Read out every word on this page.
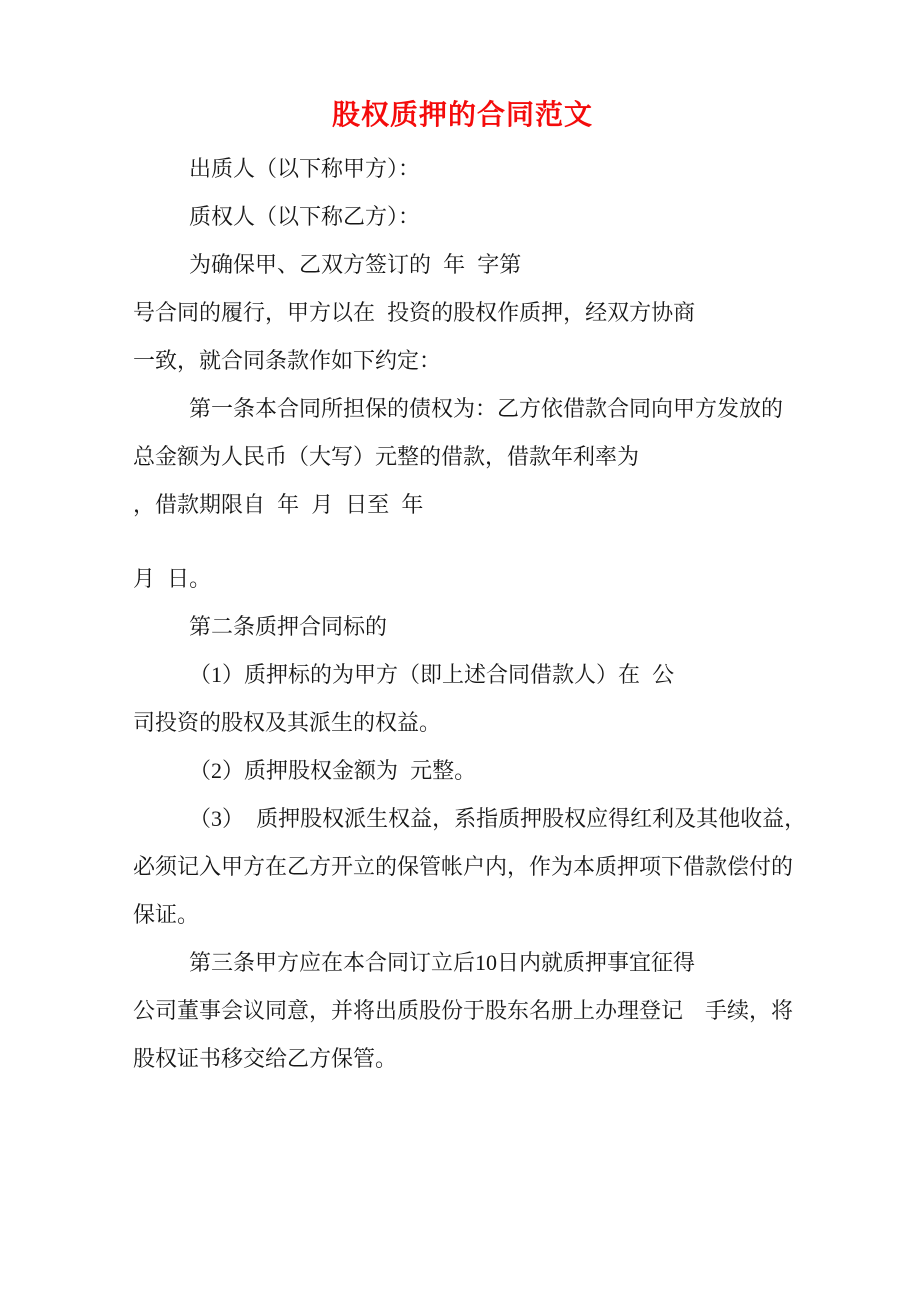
股权质押的合同范文
出质人（以下称甲方）：
质权人（以下称乙方）：
为确保甲、乙双方签订的 年 字第
号合同的履行，甲方以在 投资的股权作质押，经双方协商
一致，就合同条款作如下约定：
第一条本合同所担保的债权为：乙方依借款合同向甲方发放的
总金额为人民币（大写）元整的借款，借款年利率为
，借款期限自 年 月 日至 年
月 日。
第二条质押合同标的
（1）质押标的为甲方（即上述合同借款人）在 公
司投资的股权及其派生的权益。
（2）质押股权金额为 元整。
（3） 质押股权派生权益，系指质押股权应得红利及其他收益，
必须记入甲方在乙方开立的保管帐户内，作为本质押项下借款偿付的
保证。
第三条甲方应在本合同订立后10日内就质押事宜征得
公司董事会议同意，并将出质股份于股东名册上办理登记　手续，将
股权证书移交给乙方保管。
